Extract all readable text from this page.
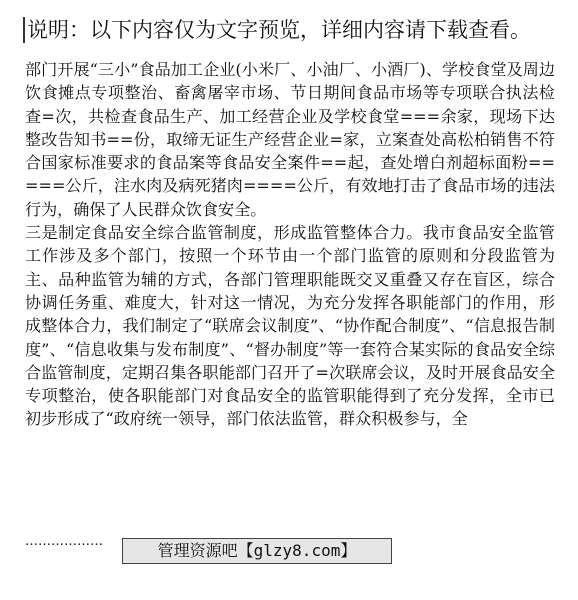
说明：以下内容仅为文字预览，详细内容请下载查看。

部门开展“三小”食品加工企业(小米厂、小油厂、小酒厂)、学校食堂及周边饮食摊点专项整治、畜禽屠宰市场、节日期间食品市场等专项联合执法检查=次，共检查食品生产、加工经营企业及学校食堂===余家，现场下达整改告知书==份，取缔无证生产经营企业=家，立案查处高松柏销售不符合国家标准要求的食品案等食品安全案件==起，查处增白剂超标面粉=====公斤，注水肉及病死猪肉====公斤，有效地打击了食品市场的违法行为，确保了人民群众饮食安全。

三是制定食品安全综合监管制度，形成监管整体合力。我市食品安全监管工作涉及多个部门，按照一个环节由一个部门监管的原则和分段监管为主、品种监管为辅的方式，各部门管理职能既交叉重叠又存在盲区，综合协调任务重、难度大，针对这一情况，为充分发挥各职能部门的作用，形成整体合力，我们制定了“联席会议制度”、“协作配合制度”、“信息报告制度”、“信息收集与发布制度”、“督办制度”等一套符合某实际的食品安全综合监管制度，定期召集各职能部门召开了=次联席会议，及时开展食品安全专项整治，使各职能部门对食品安全的监管职能得到了充分发挥，全市已初步形成了“政府统一领导，部门依法监管，群众积极参与，全

………………	管理资源吧【glzy8.com】
